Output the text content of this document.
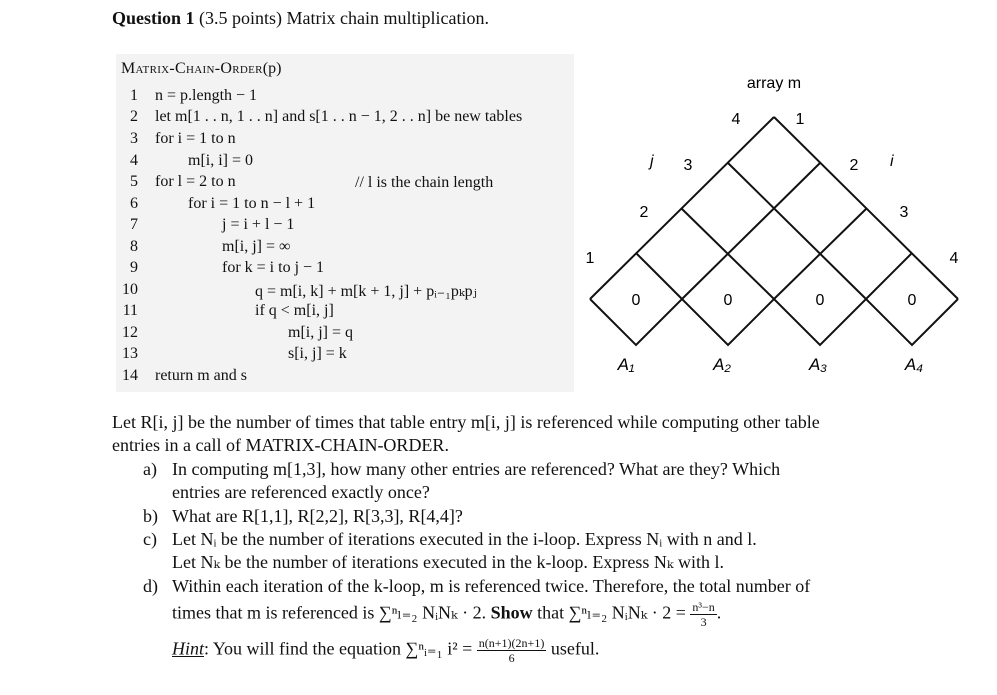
Question 1 (3.5 points) Matrix chain multiplication.
Matrix-Chain-Order(p)
1 n = p.length − 1
2 let m[1 . . n, 1 . . n] and s[1 . . n − 1, 2 . . n] be new tables
3 for i = 1 to n
4	m[i, i] = 0
5 for l = 2 to n
6	for i = 1 to n − l + 1
7	j = i + l − 1
8	m[i, j] = ∞
9	for k = i to j − 1
10	q = m[i, k] + m[k + 1, j] + pᵢ₋₁pₖpⱼ
11	if q < m[i, j]
12	m[i, j] = q
13	s[i, j] = k
14 return m and s
// l is the chain length
array m
j	i
1
2
3
4	1
2
3
4
0	0	0	0
A₁	A₂	A₃	A₄
Let R[i, j] be the number of times that table entry m[i, j] is referenced while computing other table
entries in a call of MATRIX-CHAIN-ORDER.
a) In computing m[1,3], how many other entries are referenced? What are they? Which
entries are referenced exactly once?
b) What are R[1,1], R[2,2], R[3,3], R[4,4]?
c) Let Nᵢ be the number of iterations executed in the i-loop. Express Nᵢ with n and l.
Let Nₖ be the number of iterations executed in the k-loop. Express Nₖ with l.
d) Within each iteration of the k-loop, m is referenced twice. Therefore, the total number of
times that m is referenced is ∑ⁿₗ₌₂ NᵢNₖ · 2. Show that ∑ⁿₗ₌₂ NᵢNₖ · $2 = \frac{\text{n³−n}}{3}$ .
Hint: You will find the equation ∑ⁿᵢ₌₁ $i^2 = \frac{n(n+1)(2n+1)}{6}$ useful.
